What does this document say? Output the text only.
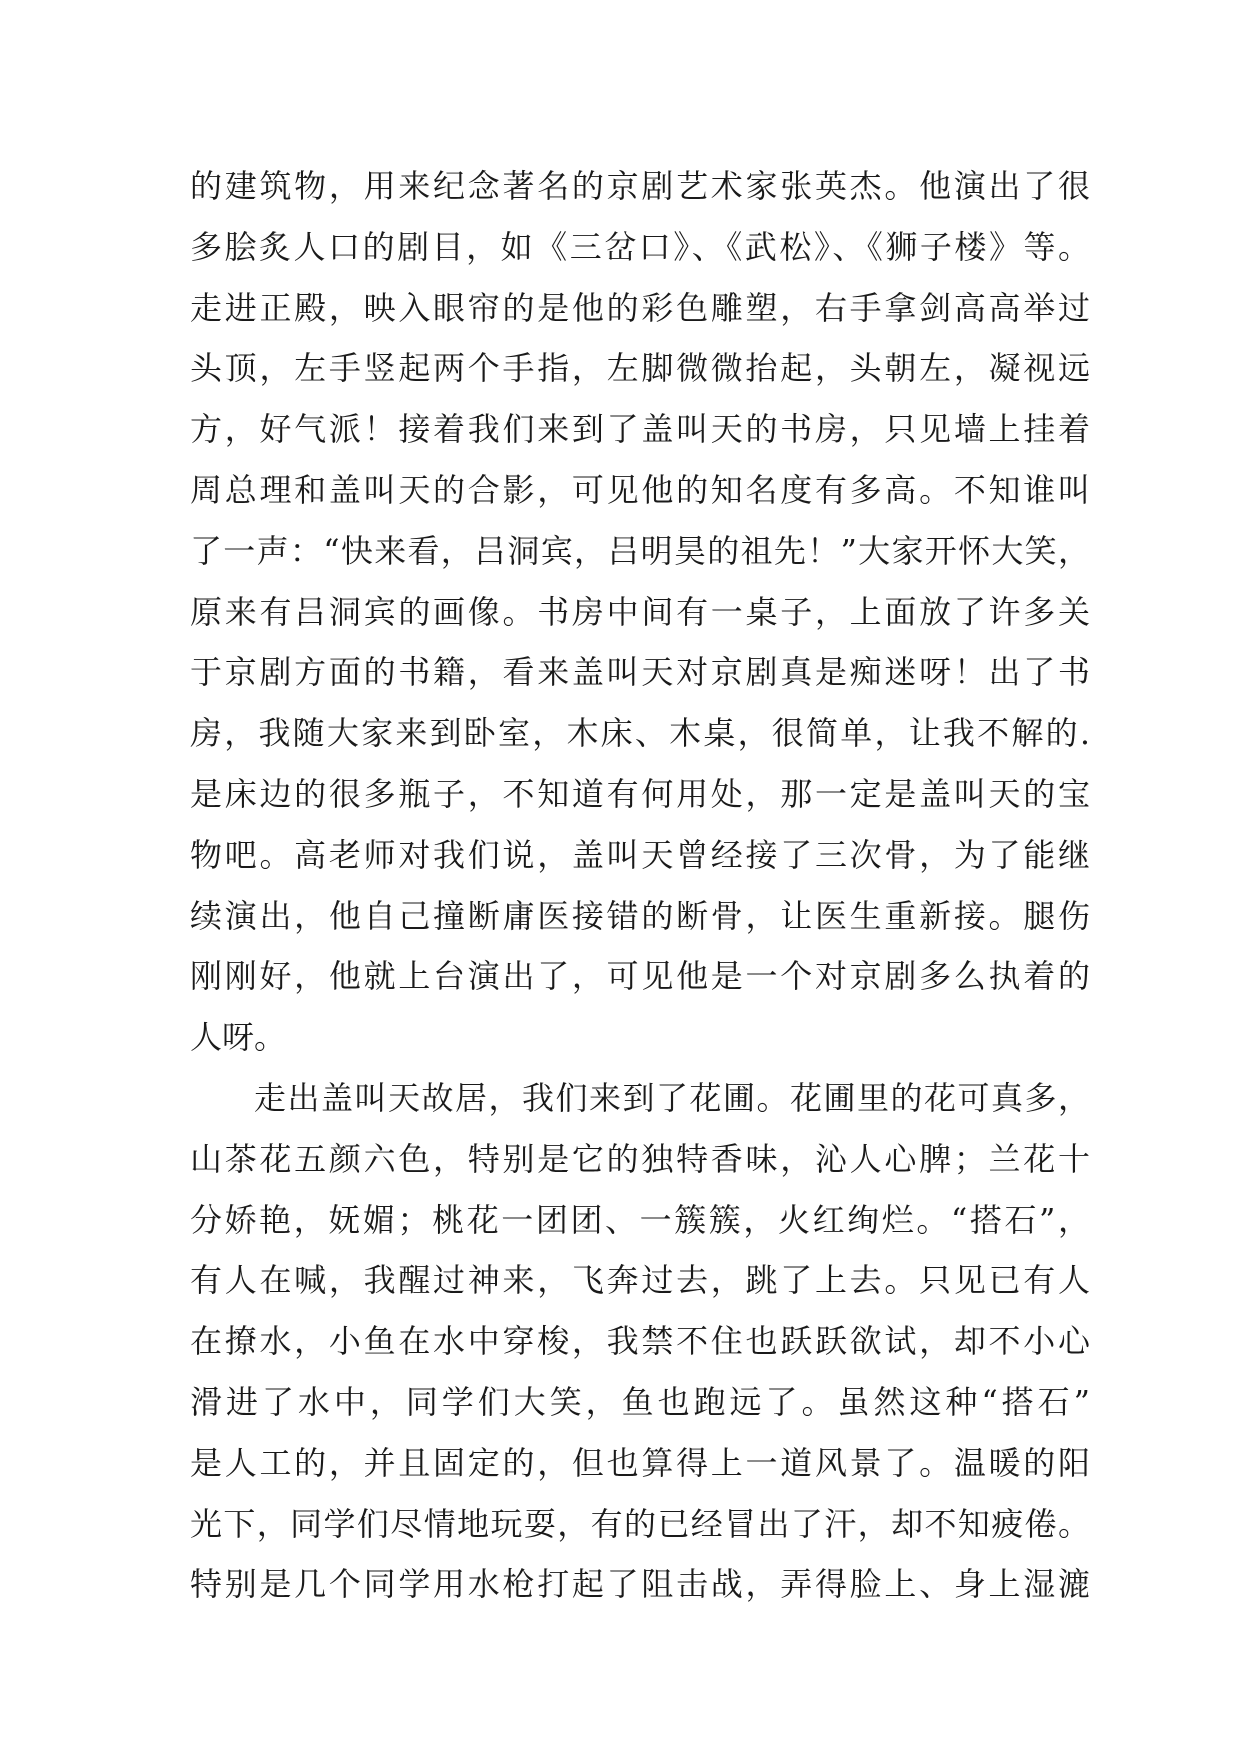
的建筑物，用来纪念著名的京剧艺术家张英杰。他演出了很
多脍炙人口的剧目，如《三岔口》、《武松》、《狮子楼》等。
走进正殿，映入眼帘的是他的彩色雕塑，右手拿剑高高举过
头顶，左手竖起两个手指，左脚微微抬起，头朝左，凝视远
方，好气派！接着我们来到了盖叫天的书房，只见墙上挂着
周总理和盖叫天的合影，可见他的知名度有多高。不知谁叫
了一声：“快来看，吕洞宾，吕明昊的祖先！”大家开怀大笑，
原来有吕洞宾的画像。书房中间有一桌子，上面放了许多关
于京剧方面的书籍，看来盖叫天对京剧真是痴迷呀！出了书
房，我随大家来到卧室，木床、木桌，很简单，让我不解的.
是床边的很多瓶子，不知道有何用处，那一定是盖叫天的宝
物吧。高老师对我们说，盖叫天曾经接了三次骨，为了能继
续演出，他自己撞断庸医接错的断骨，让医生重新接。腿伤
刚刚好，他就上台演出了，可见他是一个对京剧多么执着的
人呀。
走出盖叫天故居，我们来到了花圃。花圃里的花可真多，
山茶花五颜六色，特别是它的独特香味，沁人心脾；兰花十
分娇艳，妩媚；桃花一团团、一簇簇，火红绚烂。“搭石”，
有人在喊，我醒过神来，飞奔过去，跳了上去。只见已有人
在撩水，小鱼在水中穿梭，我禁不住也跃跃欲试，却不小心
滑进了水中，同学们大笑，鱼也跑远了。虽然这种“搭石”
是人工的，并且固定的，但也算得上一道风景了。温暖的阳
光下，同学们尽情地玩耍，有的已经冒出了汗，却不知疲倦。
特别是几个同学用水枪打起了阻击战，弄得脸上、身上湿漉
